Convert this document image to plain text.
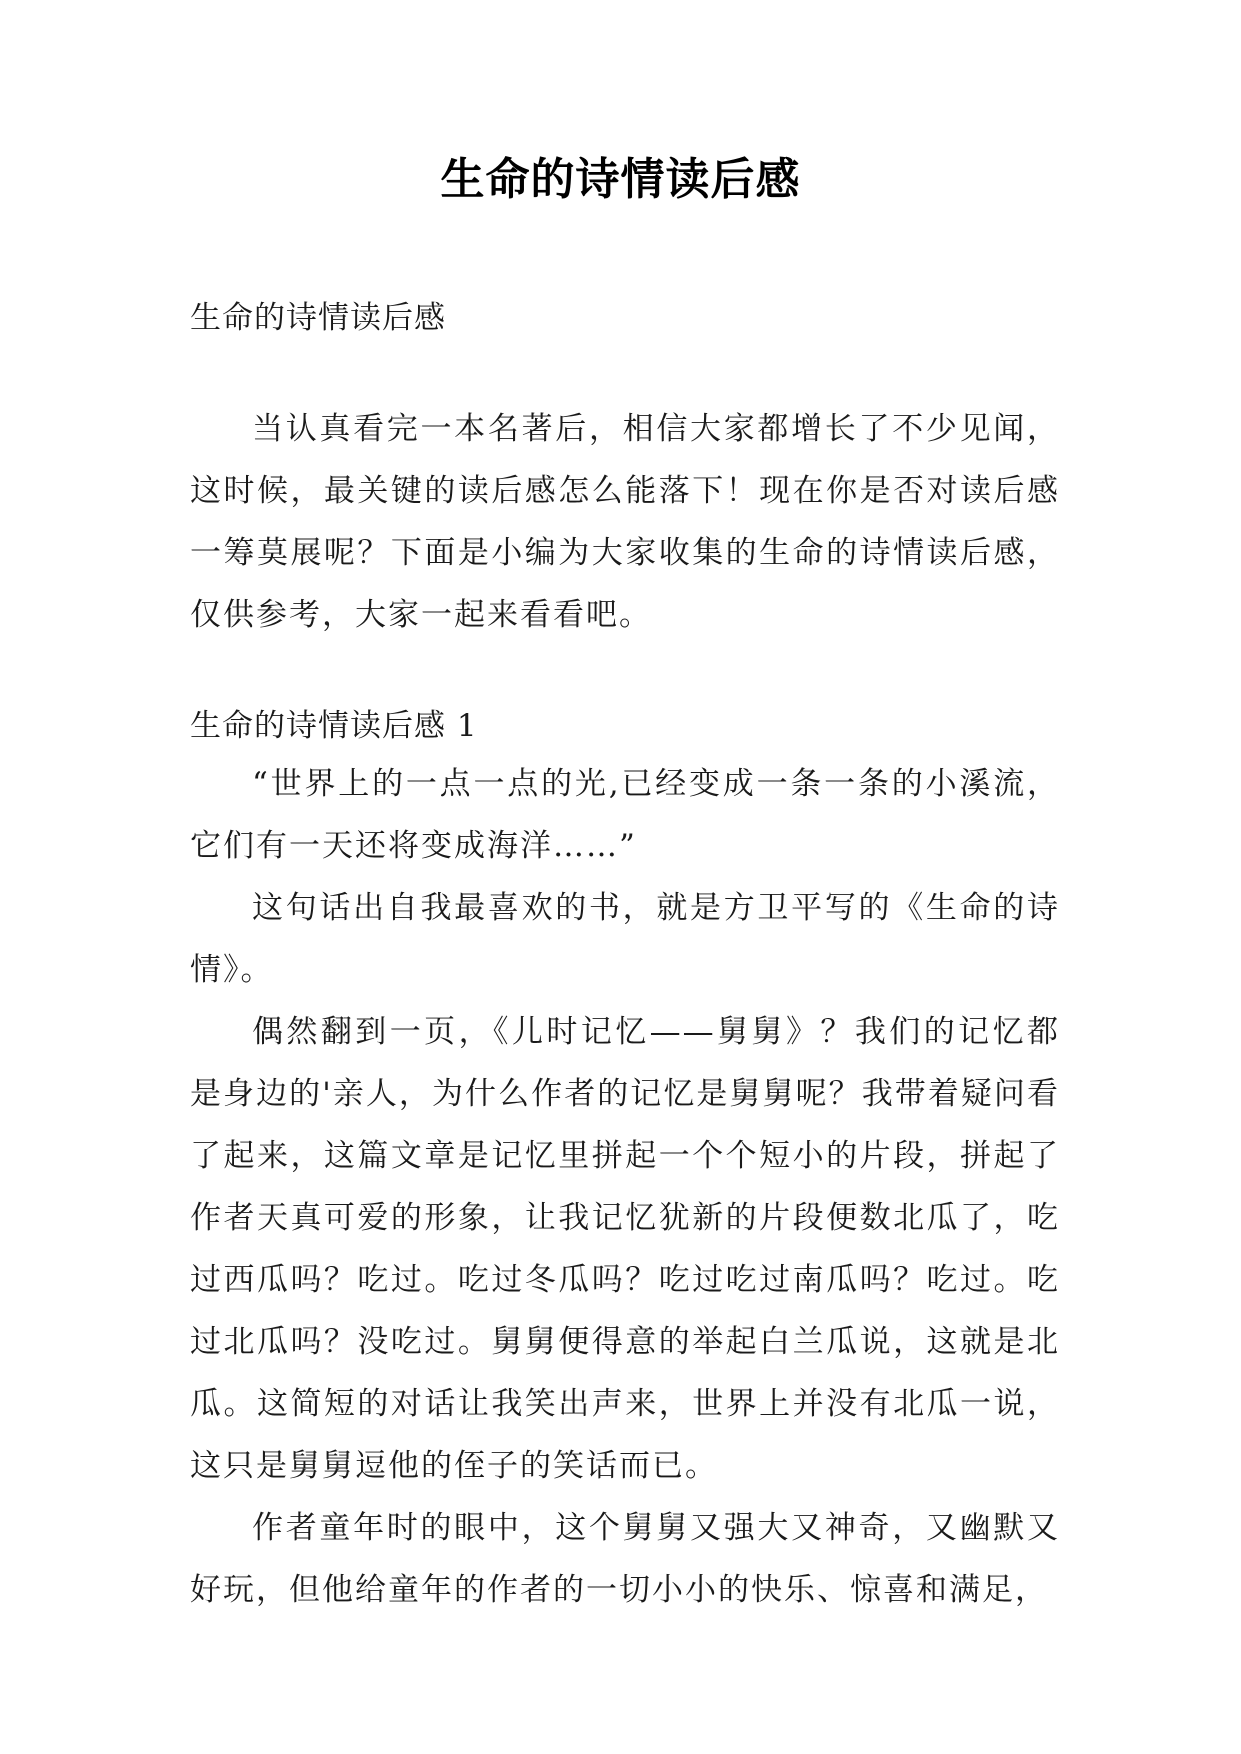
生命的诗情读后感

生命的诗情读后感

当认真看完一本名著后，相信大家都增长了不少见闻，这时候，最关键的读后感怎么能落下！现在你是否对读后感一筹莫展呢？下面是小编为大家收集的生命的诗情读后感，仅供参考，大家一起来看看吧。

生命的诗情读后感 1

“世界上的一点一点的光,已经变成一条一条的小溪流，它们有一天还将变成海洋……”

这句话出自我最喜欢的书，就是方卫平写的《生命的诗情》。

偶然翻到一页，《儿时记忆——舅舅》？我们的记忆都是身边的'亲人，为什么作者的记忆是舅舅呢？我带着疑问看了起来，这篇文章是记忆里拼起一个个短小的片段，拼起了作者天真可爱的形象，让我记忆犹新的片段便数北瓜了，吃过西瓜吗？吃过。吃过冬瓜吗？吃过吃过南瓜吗？吃过。吃过北瓜吗？没吃过。舅舅便得意的举起白兰瓜说，这就是北瓜。这简短的对话让我笑出声来，世界上并没有北瓜一说，这只是舅舅逗他的侄子的笑话而已。

作者童年时的眼中，这个舅舅又强大又神奇，又幽默又好玩，但他给童年的作者的一切小小的快乐、惊喜和满足，
